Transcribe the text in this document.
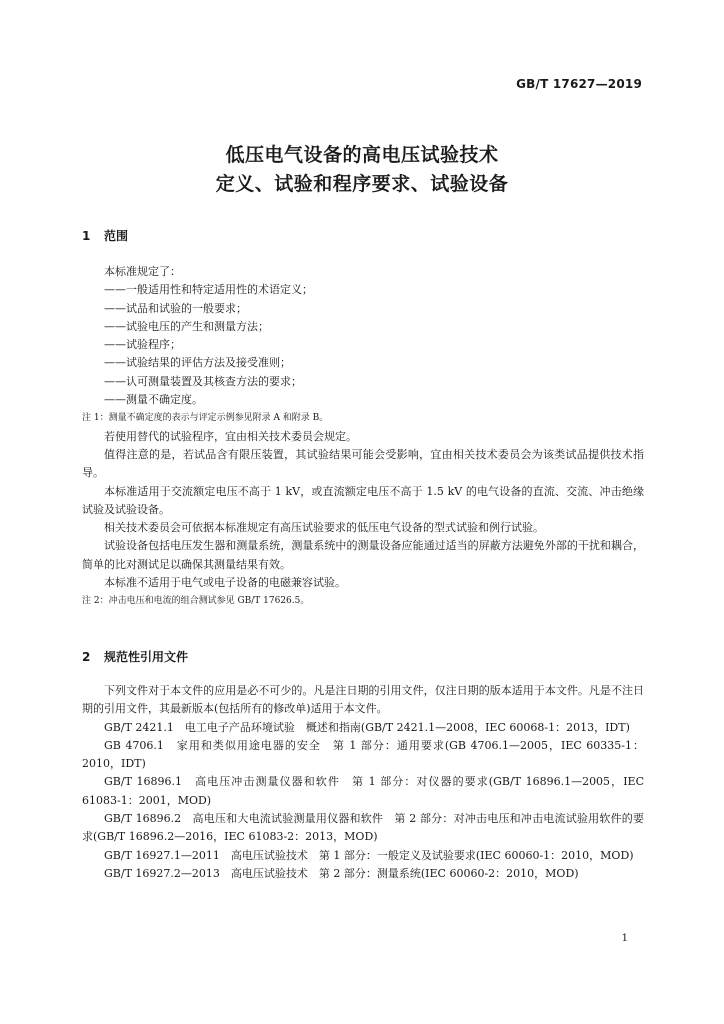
GB/T 17627—2019
低压电气设备的高电压试验技术
定义、试验和程序要求、试验设备
1 范围

本标准规定了：

——一般适用性和特定适用性的术语定义；

——试品和试验的一般要求；

——试验电压的产生和测量方法；

——试验程序；

——试验结果的评估方法及接受准则；

——认可测量装置及其核查方法的要求；

——测量不确定度。

注 1：测量不确定度的表示与评定示例参见附录 A 和附录 B。

若使用替代的试验程序，宜由相关技术委员会规定。

值得注意的是，若试品含有限压装置，其试验结果可能会受影响，宜由相关技术委员会为该类试品提供技术指导。

本标准适用于交流额定电压不高于 1 kV，或直流额定电压不高于 1.5 kV 的电气设备的直流、交流、冲击绝缘试验及试验设备。

相关技术委员会可依据本标准规定有高压试验要求的低压电气设备的型式试验和例行试验。

试验设备包括电压发生器和测量系统，测量系统中的测量设备应能通过适当的屏蔽方法避免外部的干扰和耦合，简单的比对测试足以确保其测量结果有效。

本标准不适用于电气或电子设备的电磁兼容试验。

注 2：冲击电压和电流的组合测试参见 GB/T 17626.5。

2 规范性引用文件

下列文件对于本文件的应用是必不可少的。凡是注日期的引用文件，仅注日期的版本适用于本文件。凡是不注日期的引用文件，其最新版本(包括所有的修改单)适用于本文件。

GB/T 2421.1　电工电子产品环境试验　概述和指南(GB/T 2421.1—2008，IEC 60068-1：2013，IDT)

GB 4706.1　家用和类似用途电器的安全　第 1 部分：通用要求(GB 4706.1—2005，IEC 60335-1：2010，IDT)

GB/T 16896.1　高电压冲击测量仪器和软件　第 1 部分：对仪器的要求(GB/T 16896.1—2005，IEC 61083-1：2001，MOD)

GB/T 16896.2　高电压和大电流试验测量用仪器和软件　第 2 部分：对冲击电压和冲击电流试验用软件的要求(GB/T 16896.2—2016，IEC 61083-2：2013，MOD)

GB/T 16927.1—2011　高电压试验技术　第 1 部分：一般定义及试验要求(IEC 60060-1：2010，MOD)

GB/T 16927.2—2013　高电压试验技术　第 2 部分：测量系统(IEC 60060-2：2010，MOD)

1
